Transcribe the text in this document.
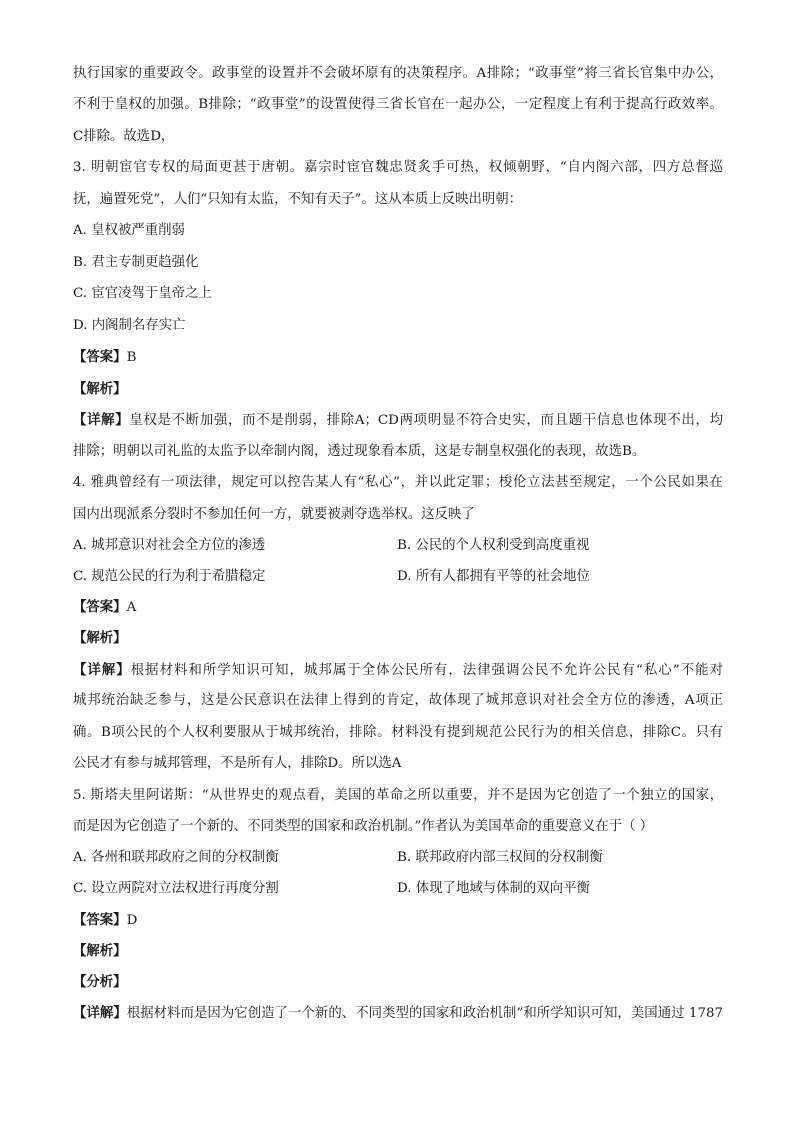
执行国家的重要政令。政事堂的设置并不会破坏原有的决策程序。A排除；“政事堂”将三省长官集中办公，
不利于皇权的加强。B排除；“政事堂”的设置使得三省长官在一起办公，一定程度上有利于提高行政效率。
C排除。故选D，
3. 明朝宦官专权的局面更甚于唐朝。嘉宗时宦官魏忠贤炙手可热，权倾朝野，“自内阁六部，四方总督巡
抚，遍置死党”，人们“只知有太监，不知有天子”。这从本质上反映出明朝：
A. 皇权被严重削弱
B. 君主专制更趋强化
C. 宦官凌驾于皇帝之上
D. 内阁制名存实亡
【答案】B
【解析】
【详解】皇权是不断加强，而不是削弱，排除A；CD两项明显不符合史实，而且题干信息也体现不出，均
排除；明朝以司礼监的太监予以牵制内阁，透过现象看本质，这是专制皇权强化的表现，故选B。
4. 雅典曾经有一项法律，规定可以控告某人有“私心”，并以此定罪；梭伦立法甚至规定，一个公民如果在
国内出现派系分裂时不参加任何一方，就要被剥夺选举权。这反映了
A. 城邦意识对社会全方位的渗透	B. 公民的个人权利受到高度重视
C. 规范公民的行为利于希腊稳定	D. 所有人都拥有平等的社会地位
【答案】A
【解析】
【详解】根据材料和所学知识可知，城邦属于全体公民所有，法律强调公民不允许公民有“私心”不能对
城邦统治缺乏参与，这是公民意识在法律上得到的肯定，故体现了城邦意识对社会全方位的渗透，A项正
确。B项公民的个人权利要服从于城邦统治，排除。材料没有提到规范公民行为的相关信息，排除C。只有
公民才有参与城邦管理，不是所有人，排除D。所以选A
5. 斯塔夫里阿诺斯：“从世界史的观点看，美国的革命之所以重要，并不是因为它创造了一个独立的国家，
而是因为它创造了一个新的、不同类型的国家和政治机制。”作者认为美国革命的重要意义在于（ ）
A. 各州和联邦政府之间的分权制衡	B. 联邦政府内部三权间的分权制衡
C. 设立两院对立法权进行再度分割	D. 体现了地域与体制的双向平衡
【答案】D
【解析】
【分析】
【详解】根据材料而是因为它创造了一个新的、不同类型的国家和政治机制”和所学知识可知，美国通过 1787
